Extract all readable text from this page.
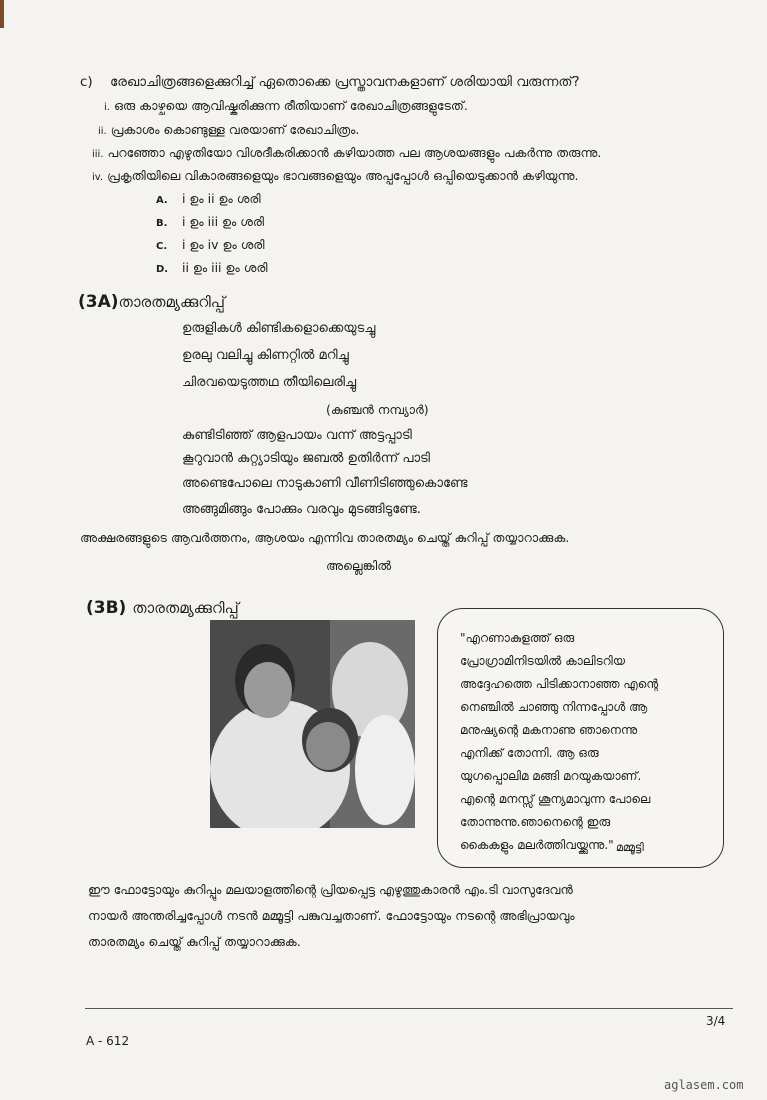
c) രേഖാചിത്രങ്ങളെക്കുറിച്ച് ഏതൊക്കെ പ്രസ്താവനകളാണ് ശരിയായി വരുന്നത്?
i. ഒരു കാഴ്ചയെ ആവിഷ്കരിക്കുന്ന രീതിയാണ് രേഖാചിത്രങ്ങളുടേത്.
ii. പ്രകാശം കൊണ്ടുള്ള വരയാണ് രേഖാചിത്രം.
iii. പറഞ്ഞോ എഴുതിയോ വിശദീകരിക്കാൻ കഴിയാത്ത പല ആശയങ്ങളും പകർന്നു തരുന്നു.
iv. പ്രകൃതിയിലെ വികാരങ്ങളെയും ഭാവങ്ങളെയും അപ്പപ്പോൾ ഒപ്പിയെടുക്കാൻ കഴിയുന്നു.
A. i ഉം ii ഉം ശരി
B. i ഉം iii ഉം ശരി
C. i ഉം iv ഉം ശരി
D. ii ഉം iii ഉം ശരി
(3A)താരതമ്യക്കുറിപ്പ്
ഉരുളികൾ കിണ്ടികളൊക്കെയുടച്ചു
ഉരലു വലിച്ചു കിണറ്റിൽ മറിച്ചു
ചിരവയെടുത്തഥ തീയിലെരിച്ചു
(കുഞ്ചൻ നമ്പ്യാർ)
കുണ്ടിടിഞ്ഞ് ആളപായം വന്ന് അട്ടപ്പാടി
കൂറുവാൻ കുറ്റ്യാടിയും ജബൽ ഉതിർന്ന് പാടി
അണ്ടെപോലെ നാടുകാണി വീണിടിഞ്ഞുകൊണ്ടേ
അങ്ങുമിങ്ങും പോക്കും വരവും മുടങ്ങിടുണ്ടേ.
അക്ഷരങ്ങളുടെ ആവർത്തനം, ആശയം എന്നിവ താരതമ്യം ചെയ്ത് കുറിപ്പ് തയ്യാറാക്കുക.
അല്ലെങ്കിൽ
(3B) താരതമ്യക്കുറിപ്പ്
"എറണാകുളത്ത് ഒരു
പ്രോഗ്രാമിനിടയിൽ കാലിടറിയ
അദ്ദേഹത്തെ പിടിക്കാനാഞ്ഞ എന്റെ
നെഞ്ചിൽ ചാഞ്ഞു നിന്നപ്പോൾ ആ
മനുഷ്യന്റെ മകനാണു ഞാനെന്നു
എനിക്ക് തോന്നി. ആ ഒരു
യുഗപ്പൊലിമ മങ്ങി മറയുകയാണ്.
എന്റെ മനസ്സ് ശൂന്യമാവുന്ന പോലെ
തോന്നുന്നു.ഞാനെന്റെ ഇരു
കൈകളും മലർത്തിവയ്ക്കുന്നു." മമ്മൂട്ടി
ഈ ഫോട്ടോയും കുറിപ്പും മലയാളത്തിന്റെ പ്രിയപ്പെട്ട എഴുത്തുകാരൻ എം.ടി വാസുദേവൻ
നായർ അന്തരിച്ചപ്പോൾ നടൻ മമ്മൂട്ടി പങ്കുവച്ചതാണ്. ഫോട്ടോയും നടന്റെ അഭിപ്രായവും
താരതമ്യം ചെയ്ത് കുറിപ്പ് തയ്യാറാക്കുക.
3/4
A - 612
aglasem.com
